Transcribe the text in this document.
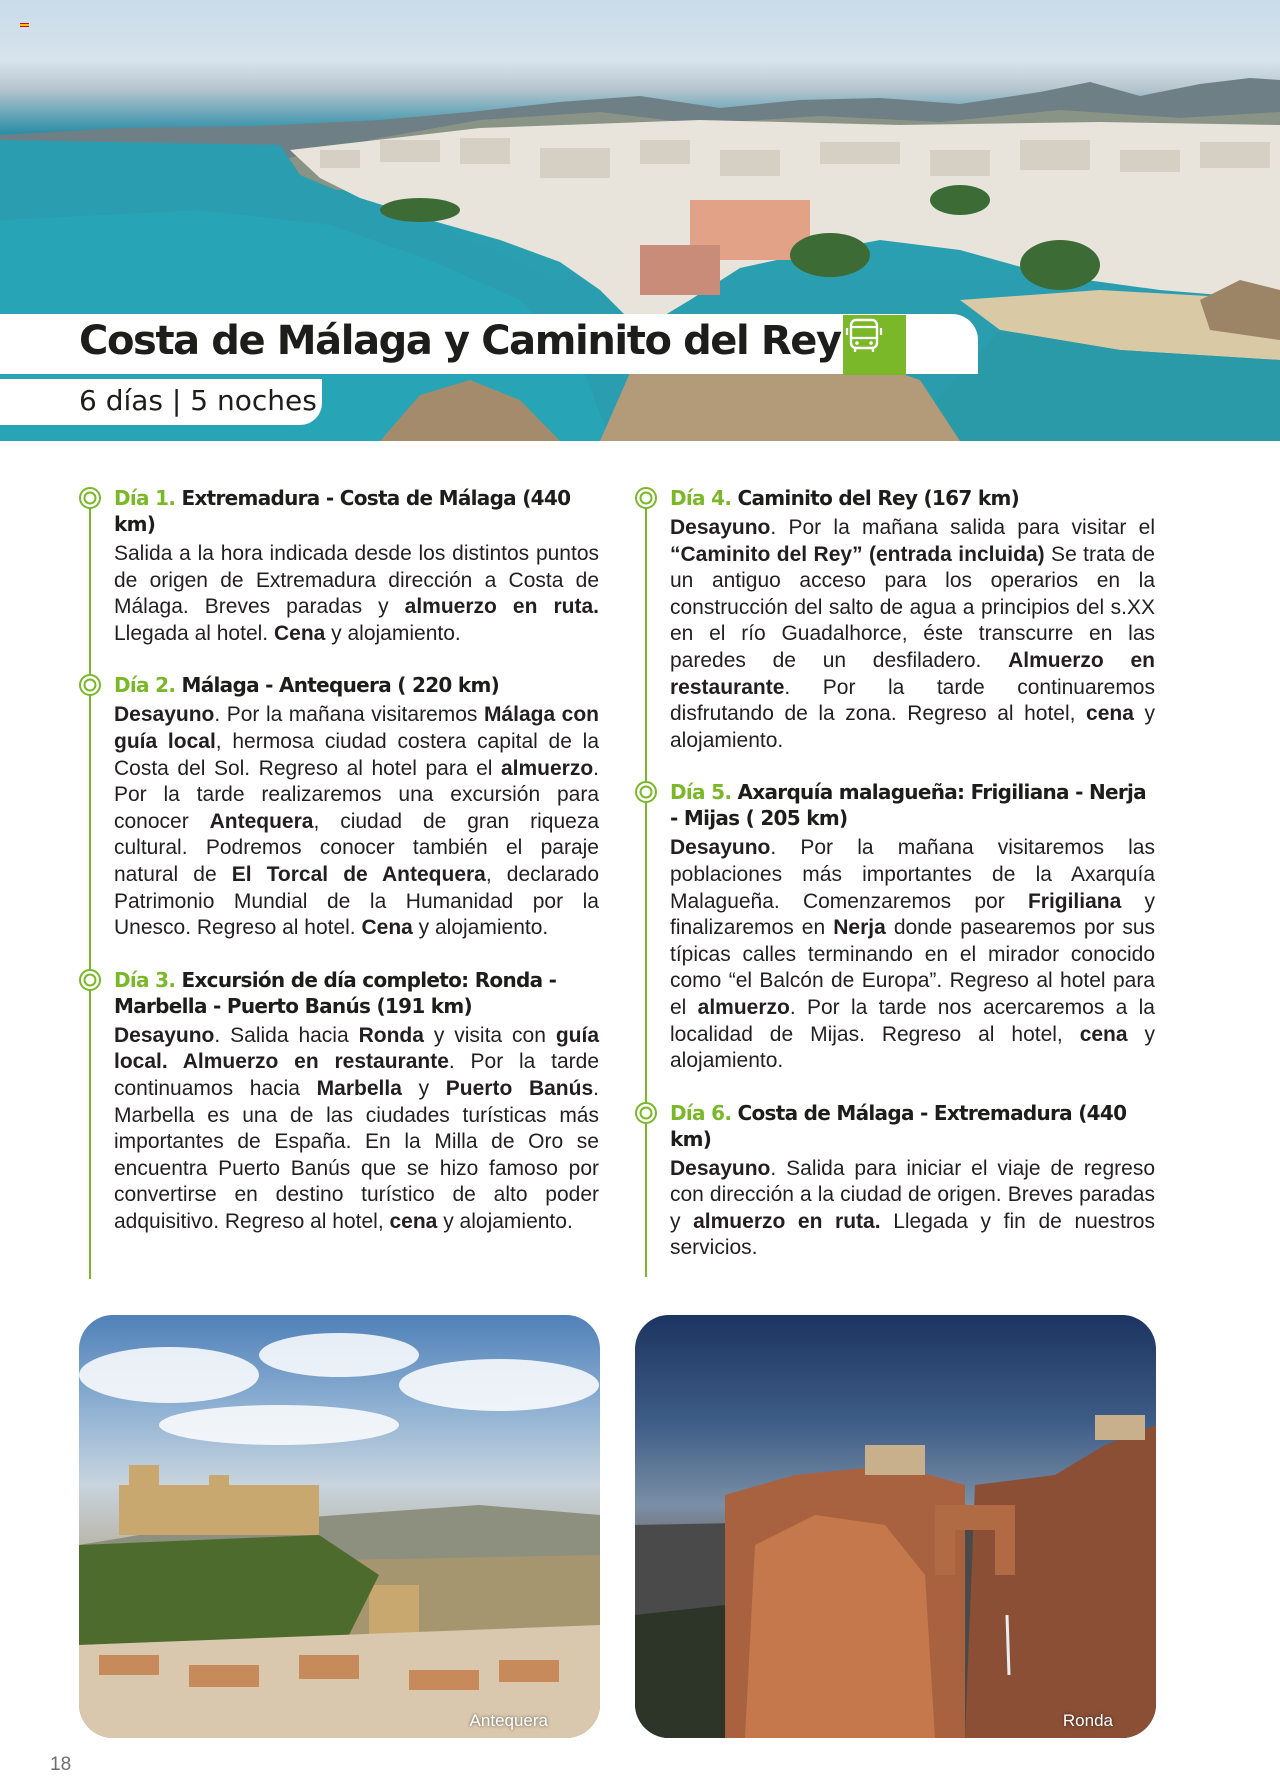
Costa de Málaga y Caminito del Rey

6 días | 5 noches

Día 1. Extremadura - Costa de Málaga (440 km)
Salida a la hora indicada desde los distintos puntos de origen de Extremadura dirección a Costa de Málaga. Breves paradas y almuerzo en ruta. Llegada al hotel. Cena y alojamiento.
Día 2. Málaga - Antequera ( 220 km)
Desayuno. Por la mañana visitaremos Málaga con guía local, hermosa ciudad costera capital de la Costa del Sol. Regreso al hotel para el almuerzo. Por la tarde realizaremos una excursión para conocer Antequera, ciudad de gran riqueza cultural. Podremos conocer también el paraje natural de El Torcal de Antequera, declarado Patrimonio Mundial de la Humanidad por la Unesco. Regreso al hotel. Cena y alojamiento.
Día 3. Excursión de día completo: Ronda - Marbella - Puerto Banús (191 km)
Desayuno. Salida hacia Ronda y visita con guía local. Almuerzo en restaurante. Por la tarde continuamos hacia Marbella y Puerto Banús. Marbella es una de las ciudades turísticas más importantes de España. En la Milla de Oro se encuentra Puerto Banús que se hizo famoso por convertirse en destino turístico de alto poder adquisitivo. Regreso al hotel, cena y alojamiento.
Día 4. Caminito del Rey (167 km)
Desayuno. Por la mañana salida para visitar el “Caminito del Rey” (entrada incluida) Se trata de un antiguo acceso para los operarios en la construcción del salto de agua a principios del s.XX en el río Guadalhorce, éste transcurre en las paredes de un desfiladero. Almuerzo en restaurante. Por la tarde continuaremos disfrutando de la zona. Regreso al hotel, cena y alojamiento.
Día 5. Axarquía malagueña: Frigiliana - Nerja - Mijas ( 205 km)
Desayuno. Por la mañana visitaremos las poblaciones más importantes de la Axarquía Malagueña. Comenzaremos por Frigiliana y finalizaremos en Nerja donde pasearemos por sus típicas calles terminando en el mirador conocido como “el Balcón de Europa”. Regreso al hotel para el almuerzo. Por la tarde nos acercaremos a la localidad de Mijas. Regreso al hotel, cena y alojamiento.
Día 6. Costa de Málaga - Extremadura (440 km)
Desayuno. Salida para iniciar el viaje de regreso con dirección a la ciudad de origen. Breves paradas y almuerzo en ruta. Llegada y fin de nuestros servicios.
Antequera	Ronda
18
